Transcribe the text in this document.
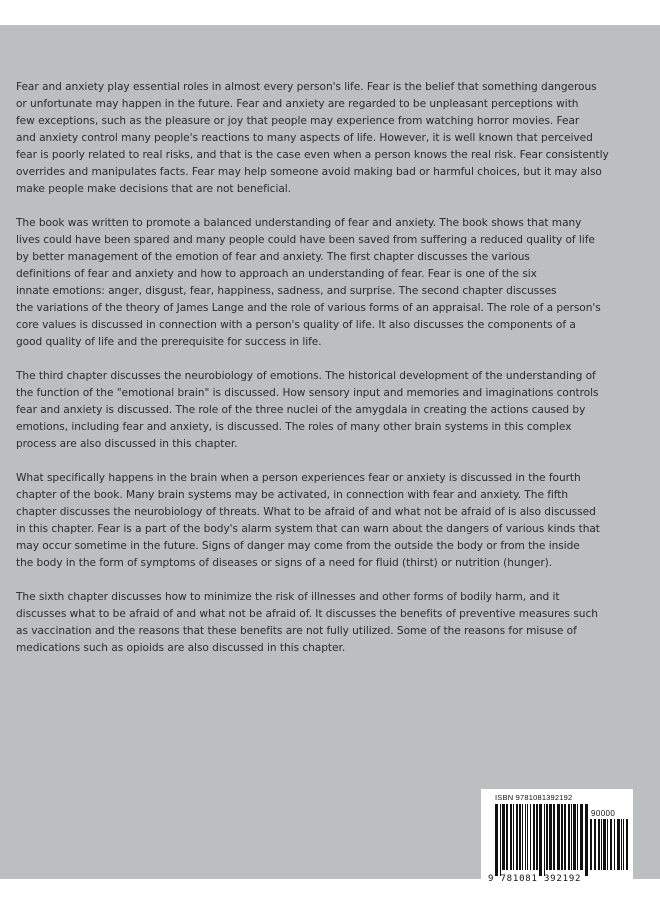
Fear and anxiety play essential roles in almost every person's life. Fear is the belief that something dangerous
or unfortunate may happen in the future. Fear and anxiety are regarded to be unpleasant perceptions with
few exceptions, such as the pleasure or joy that people may experience from watching horror movies. Fear
and anxiety control many people's reactions to many aspects of life. However, it is well known that perceived
fear is poorly related to real risks, and that is the case even when a person knows the real risk. Fear consistently
overrides and manipulates facts. Fear may help someone avoid making bad or harmful choices, but it may also
make people make decisions that are not beneficial.

The book was written to promote a balanced understanding of fear and anxiety. The book shows that many
lives could have been spared and many people could have been saved from suffering a reduced quality of life
by better management of the emotion of fear and anxiety. The first chapter discusses the various
definitions of fear and anxiety and how to approach an understanding of fear. Fear is one of the six
innate emotions: anger, disgust, fear, happiness, sadness, and surprise. The second chapter discusses
the variations of the theory of James Lange and the role of various forms of an appraisal. The role of a person's
core values is discussed in connection with a person's quality of life. It also discusses the components of a
good quality of life and the prerequisite for success in life.

The third chapter discusses the neurobiology of emotions. The historical development of the understanding of
the function of the "emotional brain" is discussed. How sensory input and memories and imaginations controls
fear and anxiety is discussed. The role of the three nuclei of the amygdala in creating the actions caused by
emotions, including fear and anxiety, is discussed. The roles of many other brain systems in this complex
process are also discussed in this chapter.

What specifically happens in the brain when a person experiences fear or anxiety is discussed in the fourth
chapter of the book. Many brain systems may be activated, in connection with fear and anxiety. The fifth
chapter discusses the neurobiology of threats. What to be afraid of and what not be afraid of is also discussed
in this chapter. Fear is a part of the body's alarm system that can warn about the dangers of various kinds that
may occur sometime in the future. Signs of danger may come from the outside the body or from the inside
the body in the form of symptoms of diseases or signs of a need for fluid (thirst) or nutrition (hunger).

The sixth chapter discusses how to minimize the risk of illnesses and other forms of bodily harm, and it
discusses what to be afraid of and what not be afraid of. It discusses the benefits of preventive measures such
as vaccination and the reasons that these benefits are not fully utilized. Some of the reasons for misuse of
medications such as opioids are also discussed in this chapter.

ISBN 9781081392192
90000
9 781081 392192
